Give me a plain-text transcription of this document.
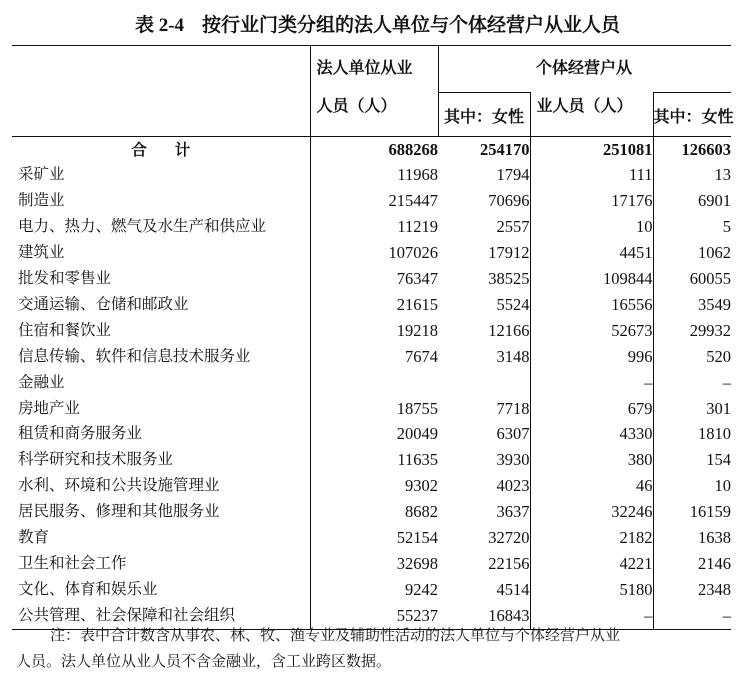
表 2-4 按行业门类分组的法人单位与个体经营户从业人员
	法人单位从业		个体经营户从	
	人员（人）	其中：女性	业人员（人）	其中：女性
合计	688268	254170	251081	126603
采矿业	11968	1794	111	13
制造业	215447	70696	17176	6901
电力、热力、燃气及水生产和供应业	11219	2557	10	5
建筑业	107026	17912	4451	1062
批发和零售业	76347	38525	109844	60055
交通运输、仓储和邮政业	21615	5524	16556	3549
住宿和餐饮业	19218	12166	52673	29932
信息传输、软件和信息技术服务业	7674	3148	996	520
金融业			–	–
房地产业	18755	7718	679	301
租赁和商务服务业	20049	6307	4330	1810
科学研究和技术服务业	11635	3930	380	154
水利、环境和公共设施管理业	9302	4023	46	10
居民服务、修理和其他服务业	8682	3637	32246	16159
教育	52154	32720	2182	1638
卫生和社会工作	32698	22156	4221	2146
文化、体育和娱乐业	9242	4514	5180	2348
公共管理、社会保障和社会组织	55237	16843	–	–
注：表中合计数含从事农、林、牧、渔专业及辅助性活动的法人单位与个体经营户从业
人员。法人单位从业人员不含金融业，含工业跨区数据。
